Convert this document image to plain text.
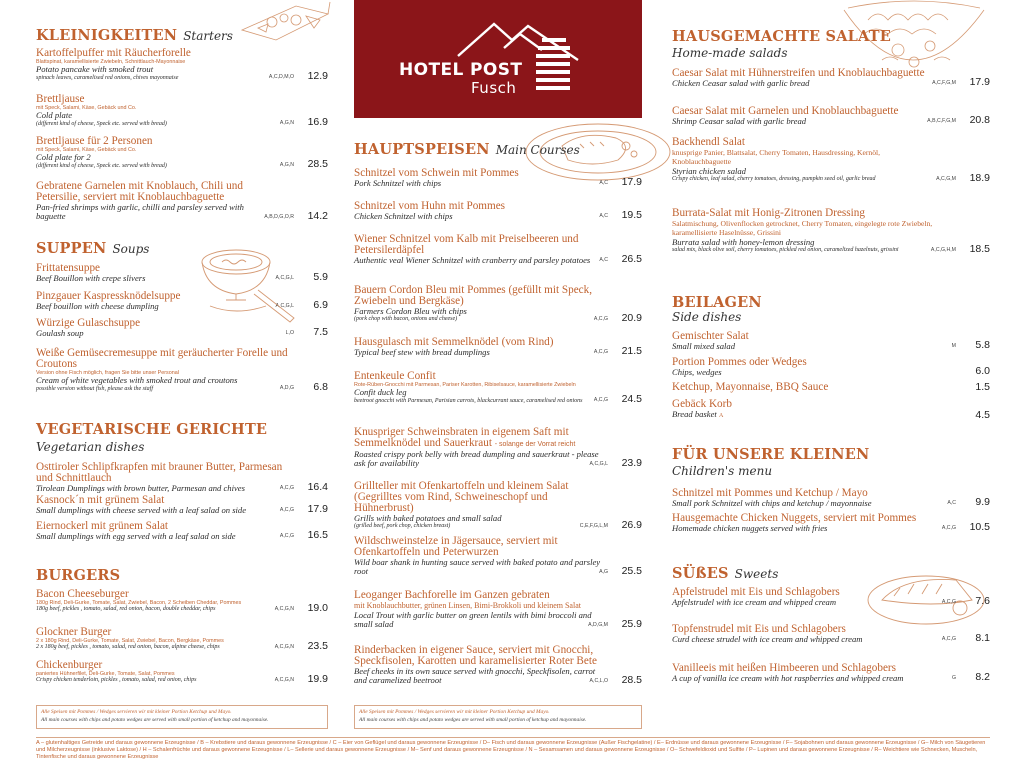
KLEINIGKEITEN Starters
Kartoffelpuffer mit Räucherforelle
Blattspinat, karamellisierte Zwiebeln, Schnittlauch-Mayonnaise
Potato pancake with smoked trout
spinach leaves, caramelised red onions, chives mayonnaise	A,C,D,M,O 12.9
Brettljause
mit Speck, Salami, Käse, Gebäck und Co.
Cold plate
(different kind of cheese, Speck etc. served with bread)	A,G,N 16.9
Brettljause für 2 Personen
mit Speck, Salami, Käse, Gebäck und Co.
Cold plate for 2
(different kind of cheese, Speck etc. served with bread)	A,G,N 28.5
Gebratene Garnelen mit Knoblauch, Chili und Petersilie, serviert mit Knoblauchbaguette
Pan-fried shrimps with garlic, chilli and parsley served with baguette	A,B,D,G,O,R 14.2
SUPPEN Soups
Frittatensuppe
Beef Bouillon with crepe slivers	A,C,G,L 5.9
Pinzgauer Kaspressknödelsuppe
Beef bouillon with cheese dumpling	A,C,G,L 6.9
Würzige Gulaschsuppe
Goulash soup	L,O 7.5
Weiße Gemüsecremesuppe mit geräucherter Forelle und Croutons
Version ohne Fisch möglich, fragen Sie bitte unser Personal
Cream of white vegetables with smoked trout and croutons
possible version without fish, please ask the staff	A,D,G 6.8
VEGETARISCHE GERICHTE
Vegetarian dishes
Osttiroler Schlipfkrapfen mit brauner Butter, Parmesan und Schnittlauch
Tirolean Dumplings with brown butter, Parmesan and chives	A,C,G 16.4
Kasnock´n mit grünem Salat
Small dumplings with cheese served with a leaf salad on side	A,C,G 17.9
Eiernockerl mit grünem Salat
Small dumplings with egg served with a leaf salad on side	A,C,G 16.5
BURGERS
Bacon Cheeseburger
180g Rind, Deli-Gurke, Tomate, Salat, Zwiebel, Bacon, 2 Scheiben Cheddar, Pommes
180g beef, pickles , tomato, salad, red onion, bacon, double cheddar, chips	A,C,G,N 19.0
Glockner Burger
2 x 180g Rind, Deli-Gurke, Tomate, Salat, Zwiebel, Bacon, Bergkäse, Pommes
2 x 180g beef, pickles , tomato, salad, red onion, bacon, alpine cheese, chips	A,C,G,N 23.5
Chickenburger
paniertes Hühnerfilet, Deli-Gurke, Tomate, Salat, Pommes
Crispy chicken tenderloin, pickles , tomato, salad, red onion, chips	A,C,G,N 19.9
Alle Speisen mit Pommes / Wedges servieren wir mit kleiner Portion Ketchup und Mayo.
All main courses with chips and potato wedges are served with small portion of ketchup and mayonnaise.
HOTEL POST
Fusch
HAUPTSPEISEN Main Courses
Schnitzel vom Schwein mit Pommes
Pork Schnitzel with chips	A,C 17.9
Schnitzel vom Huhn mit Pommes
Chicken Schnitzel with chips	A,C 19.5
Wiener Schnitzel vom Kalb mit Preiselbeeren und Petersilerdäpfel
Authentic veal Wiener Schnitzel with cranberry and parsley potatoes	A,C 26.5
Bauern Cordon Bleu mit Pommes (gefüllt mit Speck, Zwiebeln und Bergkäse)
Farmers Cordon Bleu with chips
(pork chop with bacon, onions and cheese)	A,C,G 20.9
Hausgulasch mit Semmelknödel (vom Rind)
Typical beef stew with bread dumplings	A,C,G 21.5
Entenkeule Confit
Rote-Rüben-Gnocchi mit Parmesan, Pariser Karotten, Ribiselsauce, karamellisierte Zwiebeln
Confit duck leg
beetroot gnocchi with Parmesan, Parisian carrots, blackcurrant sauce, caramelised red onions	A,C,G 24.5
Knuspriger Schweinsbraten in eigenem Saft mit Semmelknödel und Sauerkraut - solange der Vorrat reicht
Roasted crispy pork belly with bread dumpling and sauerkraut - please ask for availability	A,C,G,L 23.9
Grillteller mit Ofenkartoffeln und kleinem Salat (Gegrilltes vom Rind, Schweineschopf und Hühnerbrust)
Grills with baked potatoes and small salad
(grilled beef, pork chop, chicken breast)	C,E,F,G,L,M 26.9
Wildschweinstelze in Jägersauce, serviert mit Ofenkartoffeln und Peterwurzen
Wild boar shank in hunting sauce served with baked potato and parsley root	A,G 25.5
Leoganger Bachforelle im Ganzen gebraten
mit Knoblauchbutter, grünen Linsen, Bimi-Brokkoli und kleinem Salat
Local Trout with garlic butter on green lentils with bimi broccoli and small salad	A,D,G,M 25.9
Rinderbacken in eigener Sauce, serviert mit Gnocchi, Speckfisolen, Karotten und karamelisierter Roter Bete
Beef cheeks in its own sauce served with gnocchi, Speckfisolen, carrot and caramelized beetroot	A,C,L,O 28.5
Alle Speisen mit Pommes / Wedges servieren wir mit kleiner Portion Ketchup und Mayo.
All main courses with chips and potato wedges are served with small portion of ketchup and mayonnaise.
HAUSGEMACHTE SALATE
Home-made salads
Caesar Salat mit Hühnerstreifen und Knoblauchbaguette
Chicken Ceasar salad with garlic bread	A,C,F,G,M 17.9
Caesar Salat mit Garnelen und Knoblauchbaguette
Shrimp Ceasar salad with garlic bread	A,B,C,F,G,M 20.8
Backhendl Salat
knusprige Panier, Blattsalat, Cherry Tomaten, Hausdressing, Kernöl, Knoblauchbaguette
Styrian chicken salad
Crispy chicken, leaf salad, cherry tomatoes, dressing, pumpkin seed oil, garlic bread	A,C,G,M 18.9
Burrata-Salat mit Honig-Zitronen Dressing
Salatmischung, Olivenflocken getrocknet, Cherry Tomaten, eingelegte rote Zwiebeln, karamellisierte Haselnüsse, Grissini
Burrata salad with honey-lemon dressing
salad mix, black olive soil, cherry tomatoes, pickled red onion, caramelized hazelnuts, grissini	A,C,G,H,M 18.5
BEILAGEN
Side dishes
Gemischter Salat
Small mixed salad	M 5.8
Portion Pommes oder Wedges
Chips, wedges	6.0
Ketchup, Mayonnaise, BBQ Sauce	1.5
Gebäck Korb
Bread basket A	4.5
FÜR UNSERE KLEINEN
Children's menu
Schnitzel mit Pommes und Ketchup / Mayo
Small pork Schnitzel with chips and ketchup / mayonnaise	A,C 9.9
Hausgemachte Chicken Nuggets, serviert mit Pommes
Homemade chicken nuggets served with fries	A,C,G 10.5
SÜßES Sweets
Apfelstrudel mit Eis und Schlagobers
Apfelstrudel with ice cream and whipped cream	A,C,G 7.6
Topfenstrudel mit Eis und Schlagobers
Curd cheese strudel with ice cream and whipped cream	A,C,G 8.1
Vanilleeis mit heißen Himbeeren und Schlagobers
A cup of vanilla ice cream with hot raspberries and whipped cream	G 8.2
A – glutenhaltiges Getreide und daraus gewonnene Erzeugnisse / B – Krebstiere und daraus gewonnene Erzeugnisse / C – Eier von Geflügel und daraus gewonnene Erzeugnisse / D– Fisch und daraus gewonnene Erzeugnisse (Außer Fischgelatine) / E– Erdnüsse und daraus gewonnene Erzeugnisse / F– Sojabohnen und daraus gewonnene Erzeugnisse / G– Milch von Säugetieren und Milcherzeugnisse (inklusive Laktose) / H – Schalenfrüchte und daraus gewonnene Erzeugnisse / L– Sellerie und daraus gewonnene Erzeugnisse / M– Senf und daraus gewonnene Erzeugnisse / N – Sesamsamen und daraus gewonnene Erzeugnisse / O– Schwefeldioxid und Sulfite / P– Lupinen und daraus gewonnene Erzeugnisse / R– Weichtiere wie Schnecken, Muscheln, Tintenfische und daraus gewonnene Erzeugnisse
